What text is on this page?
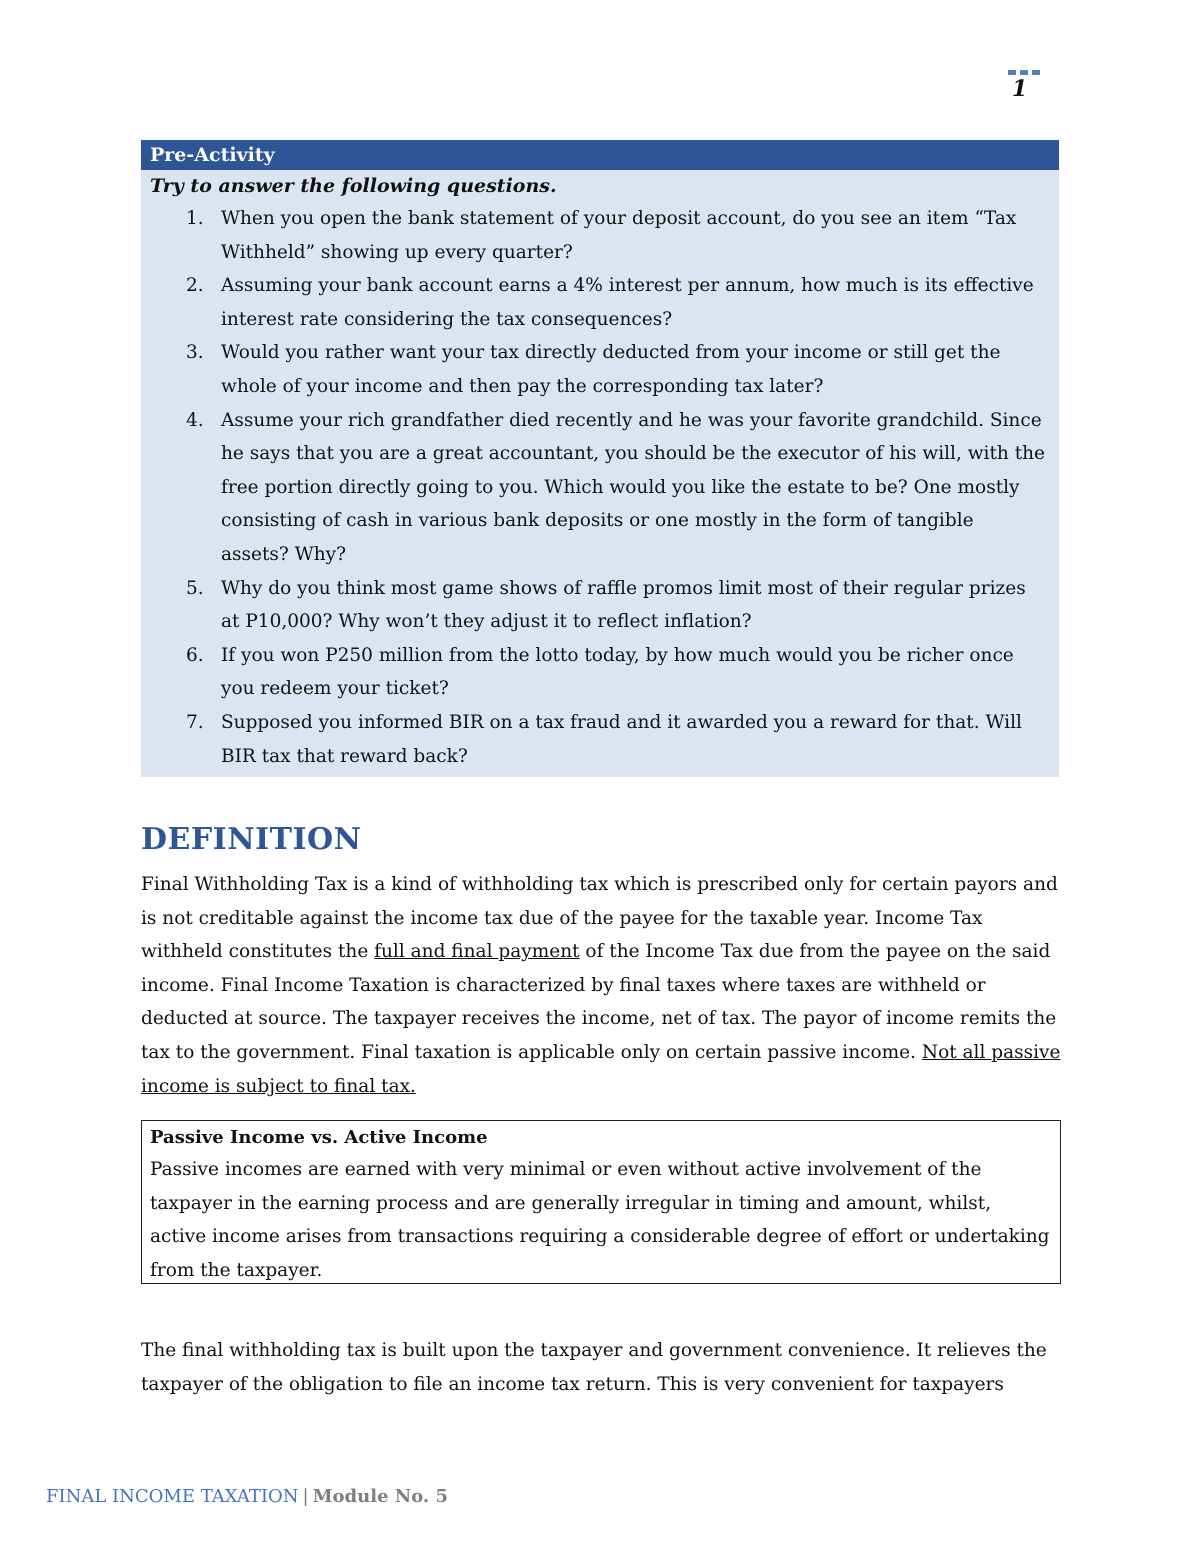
1
Pre-Activity
Try to answer the following questions.
1. When you open the bank statement of your deposit account, do you see an item “Tax Withheld” showing up every quarter?
2. Assuming your bank account earns a 4% interest per annum, how much is its effective interest rate considering the tax consequences?
3. Would you rather want your tax directly deducted from your income or still get the whole of your income and then pay the corresponding tax later?
4. Assume your rich grandfather died recently and he was your favorite grandchild. Since he says that you are a great accountant, you should be the executor of his will, with the free portion directly going to you. Which would you like the estate to be? One mostly consisting of cash in various bank deposits or one mostly in the form of tangible assets? Why?
5. Why do you think most game shows of raffle promos limit most of their regular prizes at P10,000? Why won’t they adjust it to reflect inflation?
6. If you won P250 million from the lotto today, by how much would you be richer once you redeem your ticket?
7. Supposed you informed BIR on a tax fraud and it awarded you a reward for that. Will BIR tax that reward back?
DEFINITION

Final Withholding Tax is a kind of withholding tax which is prescribed only for certain payors and is not creditable against the income tax due of the payee for the taxable year. Income Tax withheld constitutes the full and final payment of the Income Tax due from the payee on the said income. Final Income Taxation is characterized by final taxes where taxes are withheld or deducted at source. The taxpayer receives the income, net of tax. The payor of income remits the tax to the government. Final taxation is applicable only on certain passive income. Not all passive income is subject to final tax.

Passive Income vs. Active Income

Passive incomes are earned with very minimal or even without active involvement of the taxpayer in the earning process and are generally irregular in timing and amount, whilst, active income arises from transactions requiring a considerable degree of effort or undertaking from the taxpayer.

The final withholding tax is built upon the taxpayer and government convenience. It relieves the taxpayer of the obligation to file an income tax return. This is very convenient for taxpayers

FINAL INCOME TAXATION | Module No. 5
